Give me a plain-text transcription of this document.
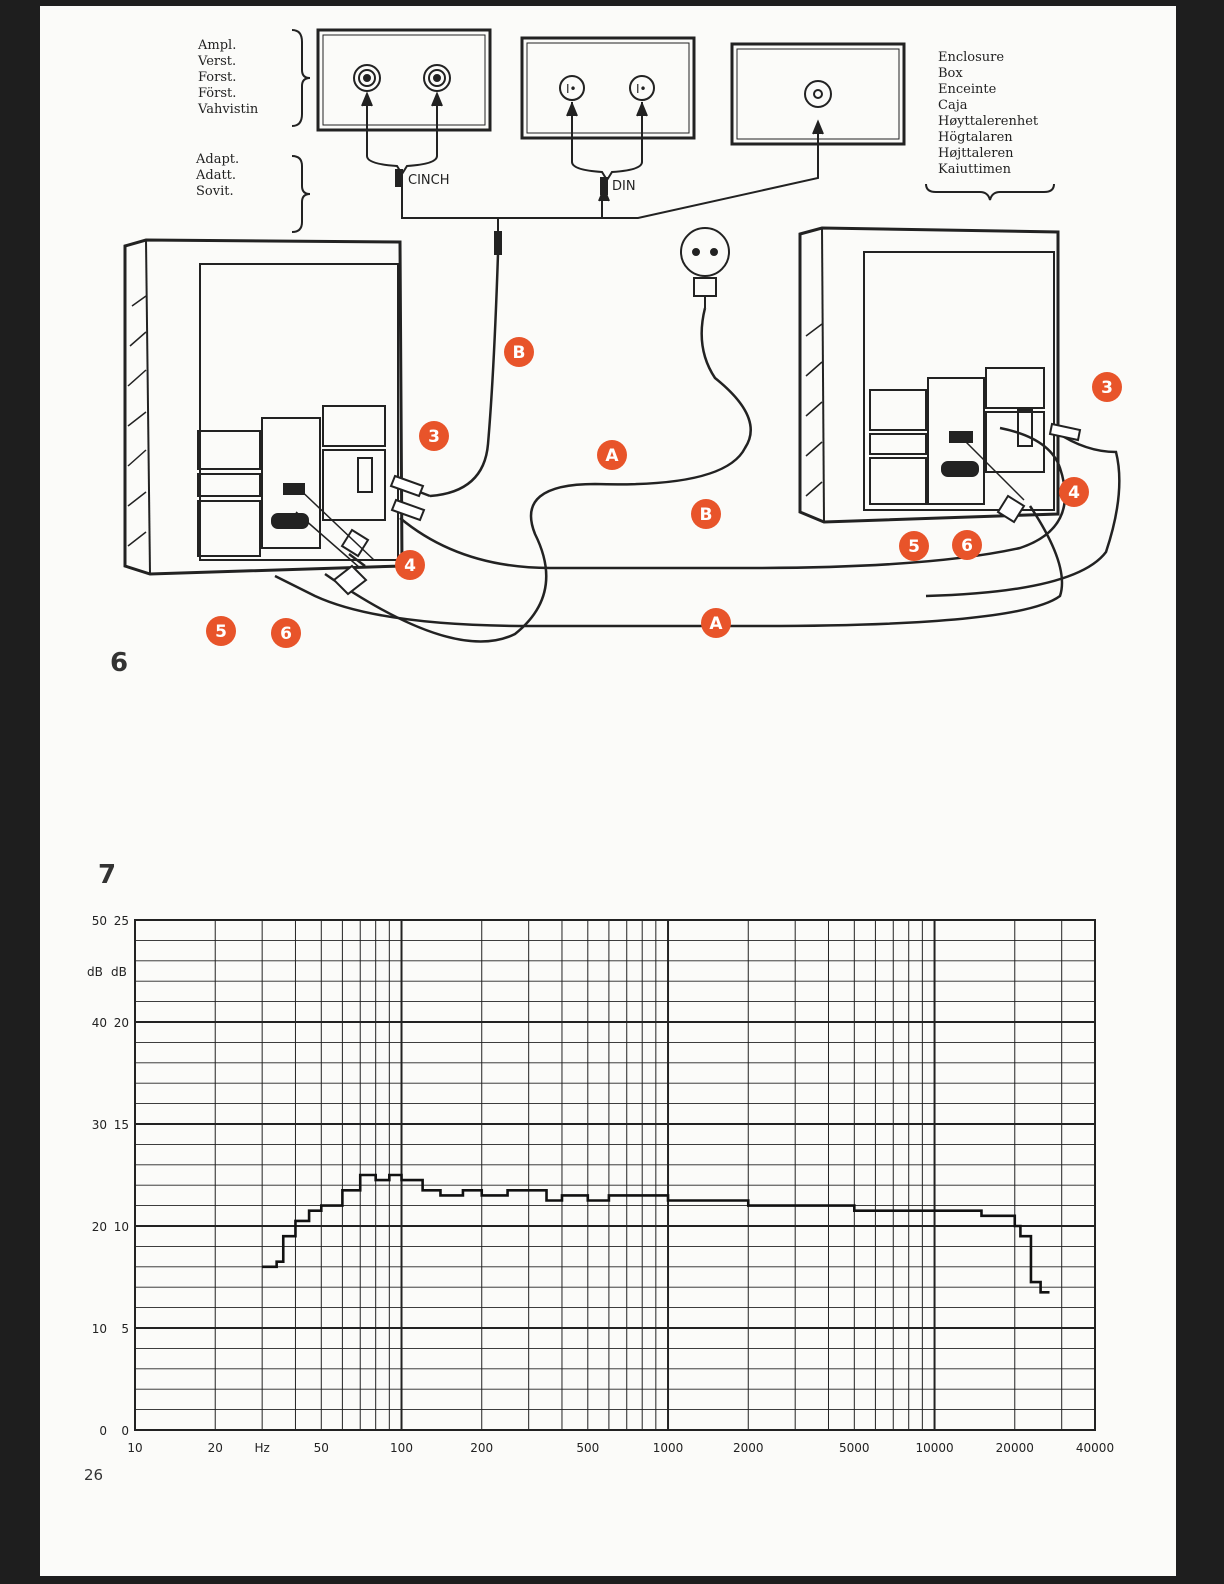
I•	I•
CINCH	DIN
B
3
A
B
4
3
4
5 6
5	6	A
Ampl.
Verst.
Forst.
Först.
Vahvistin
Adapt.
Adatt.
Sovit.
Enclosure
Box
Enceinte
Caja
Høyttalerenhet
Högtalaren
Højttaleren
Kaiuttimen
6
7
50 25
40 20
30 15
20 10
10 5
0 0
dB dB
10	20	Hz	50	100	200	500	1000	2000	5000	10000	20000	40000
26
